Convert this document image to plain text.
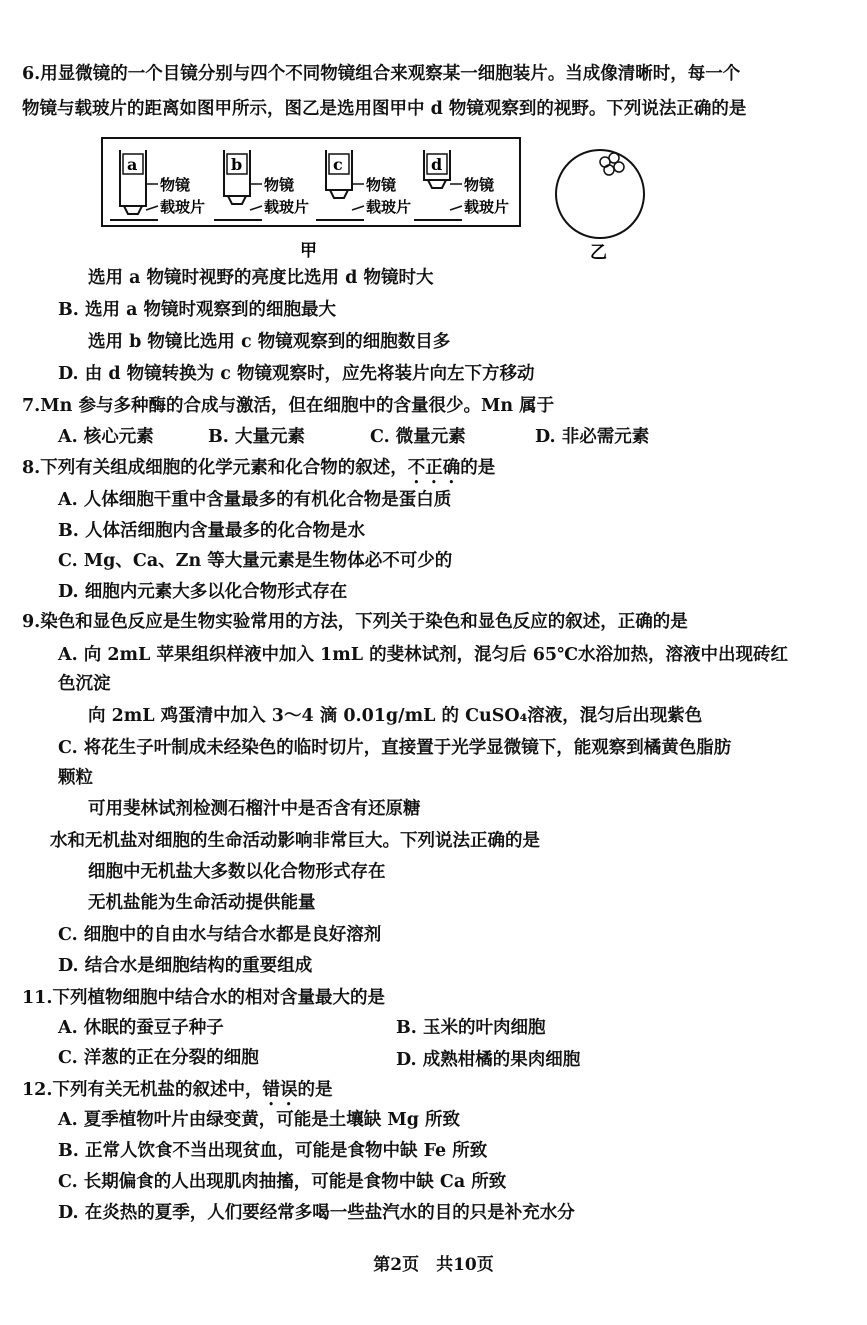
6.用显微镜的一个目镜分别与四个不同物镜组合来观察某一细胞装片。当成像清晰时，每一个
物镜与载玻片的距离如图甲所示，图乙是选用图甲中 d 物镜观察到的视野。下列说法正确的是
a
物镜
载玻片
b
物镜
载玻片
c
物镜
载玻片
d
物镜
载玻片
甲	乙
选用 a 物镜时视野的亮度比选用 d 物镜时大
B. 选用 a 物镜时观察到的细胞最大
选用 b 物镜比选用 c 物镜观察到的细胞数目多
D. 由 d 物镜转换为 c 物镜观察时，应先将装片向左下方移动
7.Mn 参与多种酶的合成与激活，但在细胞中的含量很少。Mn 属于
A. 核心元素	B. 大量元素	C. 微量元素	D. 非必需元素
8.下列有关组成细胞的化学元素和化合物的叙述，不正确的是
A. 人体细胞干重中含量最多的有机化合物是蛋白质
B. 人体活细胞内含量最多的化合物是水
C. Mg、Ca、Zn 等大量元素是生物体必不可少的
D. 细胞内元素大多以化合物形式存在
9.染色和显色反应是生物实验常用的方法，下列关于染色和显色反应的叙述，正确的是
A. 向 2mL 苹果组织样液中加入 1mL 的斐林试剂，混匀后 65℃水浴加热，溶液中出现砖红
色沉淀
向 2mL 鸡蛋清中加入 3～4 滴 0.01g/mL 的 CuSO₄溶液，混匀后出现紫色
C. 将花生子叶制成未经染色的临时切片，直接置于光学显微镜下，能观察到橘黄色脂肪
颗粒
可用斐林试剂检测石榴汁中是否含有还原糖
水和无机盐对细胞的生命活动影响非常巨大。下列说法正确的是
细胞中无机盐大多数以化合物形式存在
无机盐能为生命活动提供能量
C. 细胞中的自由水与结合水都是良好溶剂
D. 结合水是细胞结构的重要组成
11.下列植物细胞中结合水的相对含量最大的是
A. 休眠的蚕豆子种子	B. 玉米的叶肉细胞
C. 洋葱的正在分裂的细胞	D. 成熟柑橘的果肉细胞
12.下列有关无机盐的叙述中，错误的是
A. 夏季植物叶片由绿变黄，可能是土壤缺 Mg 所致
B. 正常人饮食不当出现贫血，可能是食物中缺 Fe 所致
C. 长期偏食的人出现肌肉抽搐，可能是食物中缺 Ca 所致
D. 在炎热的夏季，人们要经常多喝一些盐汽水的目的只是补充水分
第2页　共10页
